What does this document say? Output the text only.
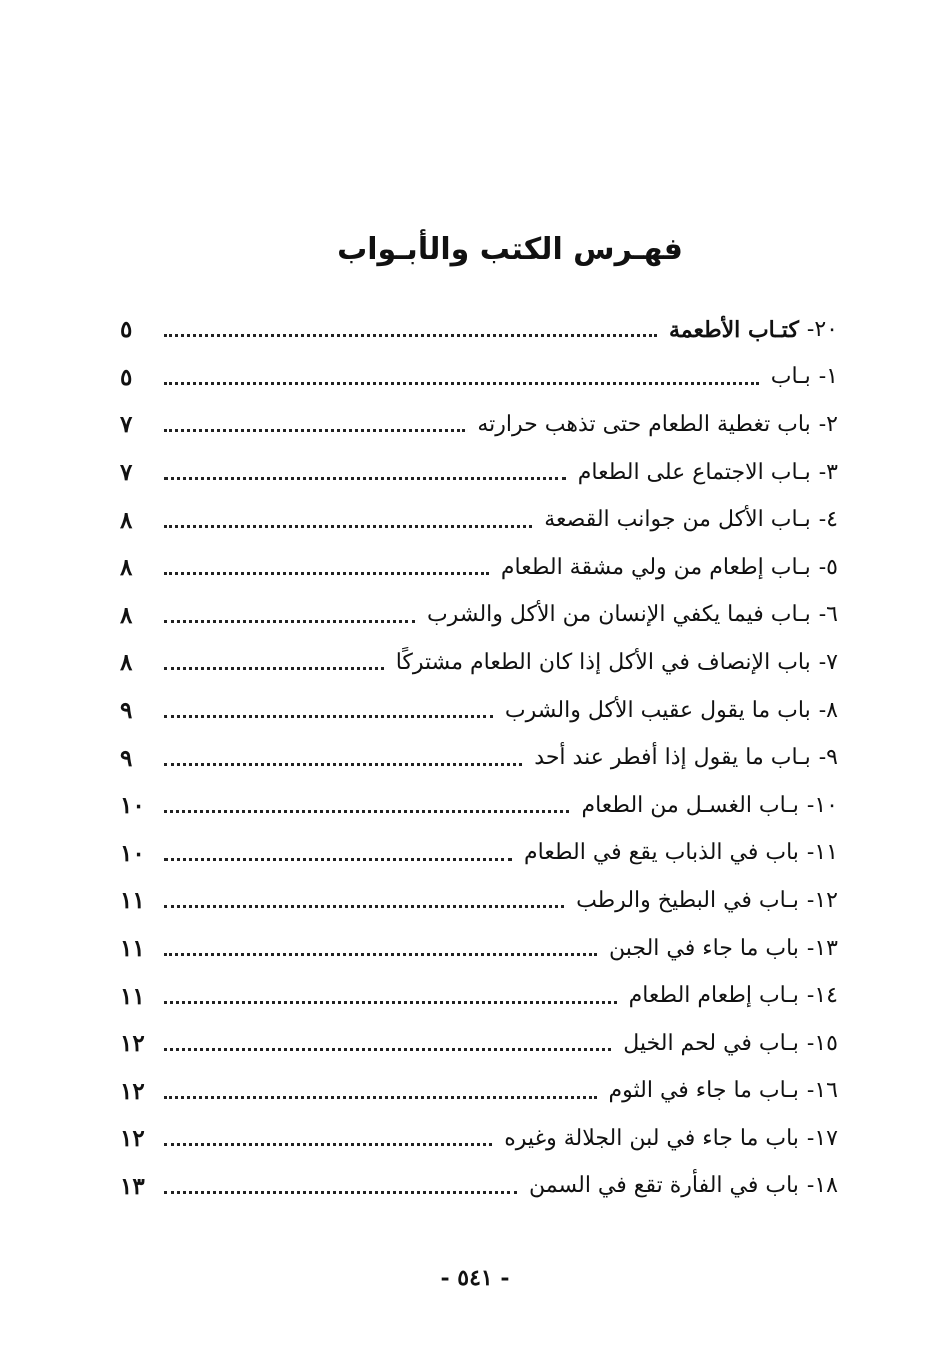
فهـرس الكتب والأبـواب
٢٠-
كتـاب الأطعمة
٥
١-
بـاب
٥
٢-
باب تغطية الطعام حتى تذهب حرارته
٧
٣-
بـاب الاجتماع على الطعام
٧
٤-
بـاب الأكل من جوانب القصعة
٨
٥-
بـاب إطعام من ولي مشقة الطعام
٨
٦-
بـاب فيما يكفي الإنسان من الأكل والشرب
٨
٧-
باب الإنصاف في الأكل إذا كان الطعام مشتركًا
٨
٨-
باب ما يقول عقيب الأكل والشرب
٩
٩-
بـاب ما يقول إذا أفطر عند أحد
٩
١٠-
بـاب الغسـل من الطعام
١٠
١١-
باب في الذباب يقع في الطعام
١٠
١٢-
بـاب في البطيخ والرطب
١١
١٣-
باب ما جاء في الجبن
١١
١٤-
بـاب إطعام الطعام
١١
١٥-
بـاب في لحم الخيل
١٢
١٦-
بـاب ما جاء في الثوم
١٢
١٧-
باب ما جاء في لبن الجلالة وغيره
١٢
١٨-
باب في الفأرة تقع في السمن
١٣
- ٥٤١ -
